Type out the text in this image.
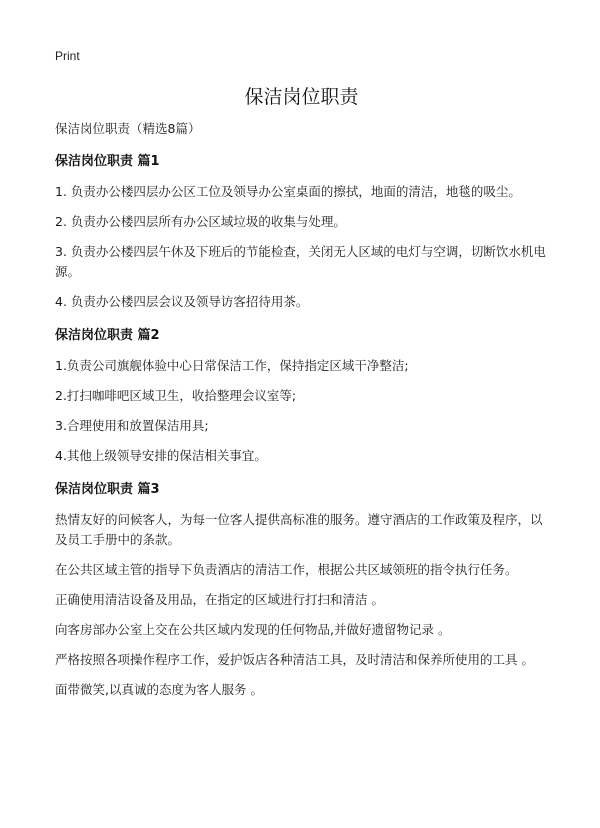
Print
保洁岗位职责

保洁岗位职责（精选8篇）

保洁岗位职责 篇1

1. 负责办公楼四层办公区工位及领导办公室桌面的擦拭，地面的清洁，地毯的吸尘。

2. 负责办公楼四层所有办公区域垃圾的收集与处理。

3. 负责办公楼四层午休及下班后的节能检查，关闭无人区域的电灯与空调，切断饮水机电源。

4. 负责办公楼四层会议及领导访客招待用茶。

保洁岗位职责 篇2

1.负责公司旗舰体验中心日常保洁工作，保持指定区域干净整洁;

2.打扫咖啡吧区域卫生，收拾整理会议室等;

3.合理使用和放置保洁用具;

4.其他上级领导安排的保洁相关事宜。

保洁岗位职责 篇3

热情友好的问候客人，为每一位客人提供高标准的服务。遵守酒店的工作政策及程序，以及员工手册中的条款。

在公共区域主管的指导下负责酒店的清洁工作，根据公共区域领班的指令执行任务。

正确使用清洁设备及用品，在指定的区域进行打扫和清洁 。

向客房部办公室上交在公共区域内发现的任何物品,并做好遗留物记录 。

严格按照各项操作程序工作，爱护饭店各种清洁工具，及时清洁和保养所使用的工具 。

面带微笑,以真诚的态度为客人服务 。
